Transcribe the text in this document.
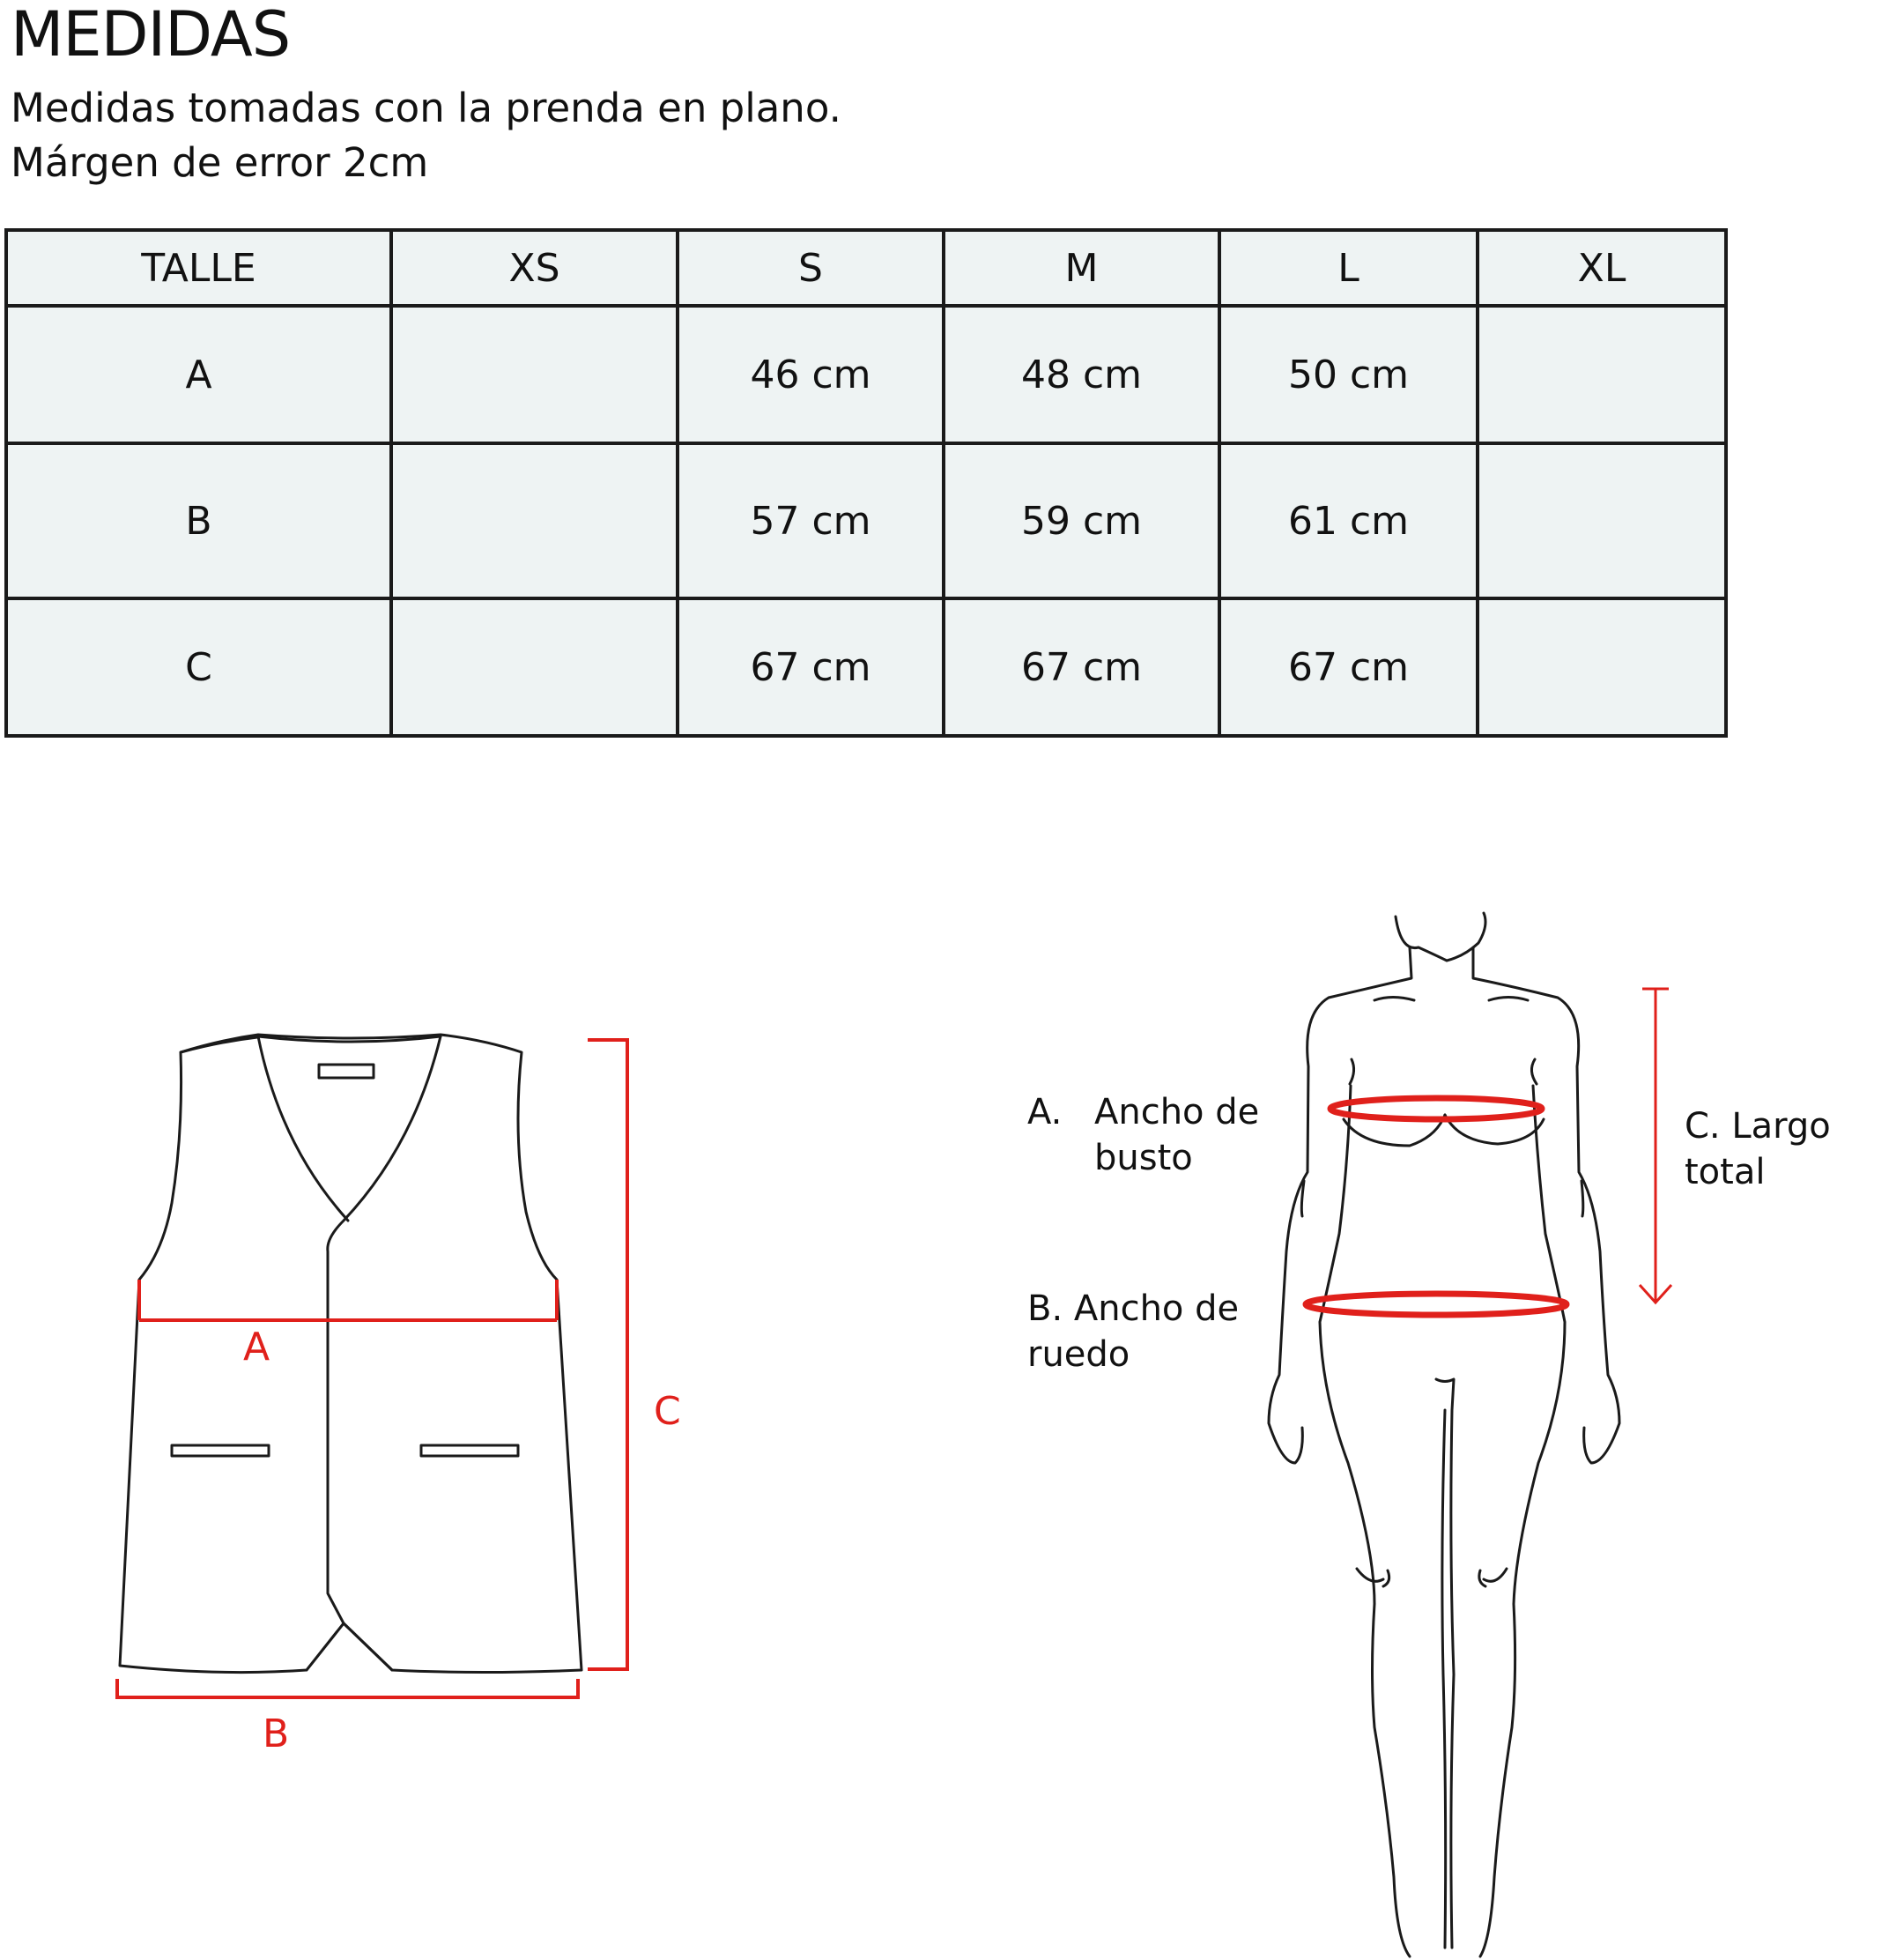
MEDIDAS
Medidas tomadas con la prenda en plano.
Márgen de error 2cm
TALLE	XS	S	M	L	XL
A		46 cm	48 cm	50 cm	
B		57 cm	59 cm	61 cm	
C		67 cm	67 cm	67 cm	
A
B
C
A. Ancho de
busto
B. Ancho de
ruedo
C. Largo
total
